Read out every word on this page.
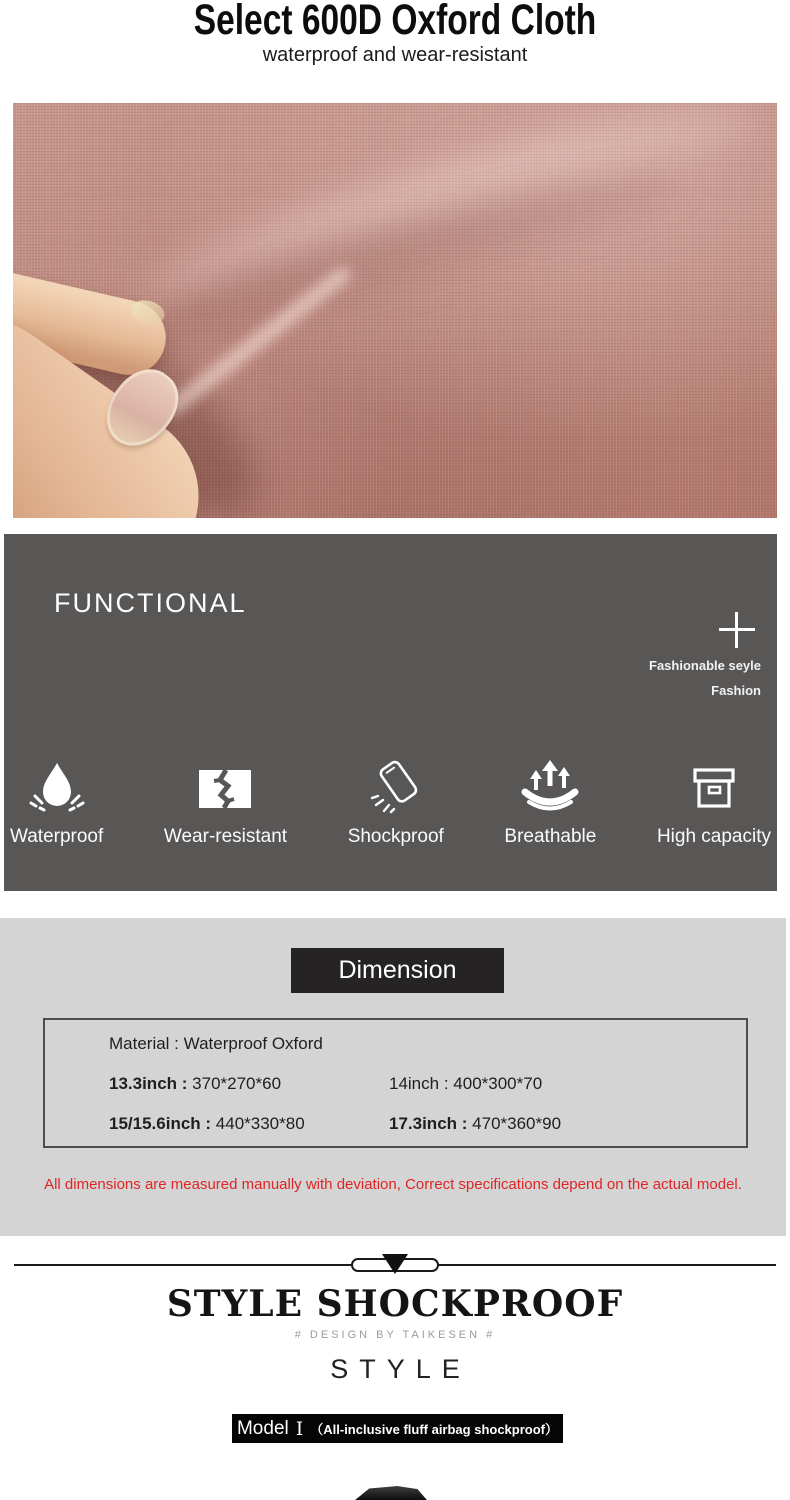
Select 600D Oxford Cloth
waterproof and wear-resistant
FUNCTIONAL
Fashionable seyle
Fashion
Waterproof	Wear-resistant	Shockproof	Breathable	High capacity
Dimension
Material : Waterproof Oxford
13.3inch : 370*270*60	14inch : 400*300*70
15/15.6inch : 440*330*80	17.3inch : 470*360*90
All dimensions are measured manually with deviation, Correct specifications depend on the actual model.
STYLE SHOCKPROOF
# DESIGN BY TAIKESEN #
STYLE
Model Ⅰ （All-inclusive fluff airbag shockproof）
